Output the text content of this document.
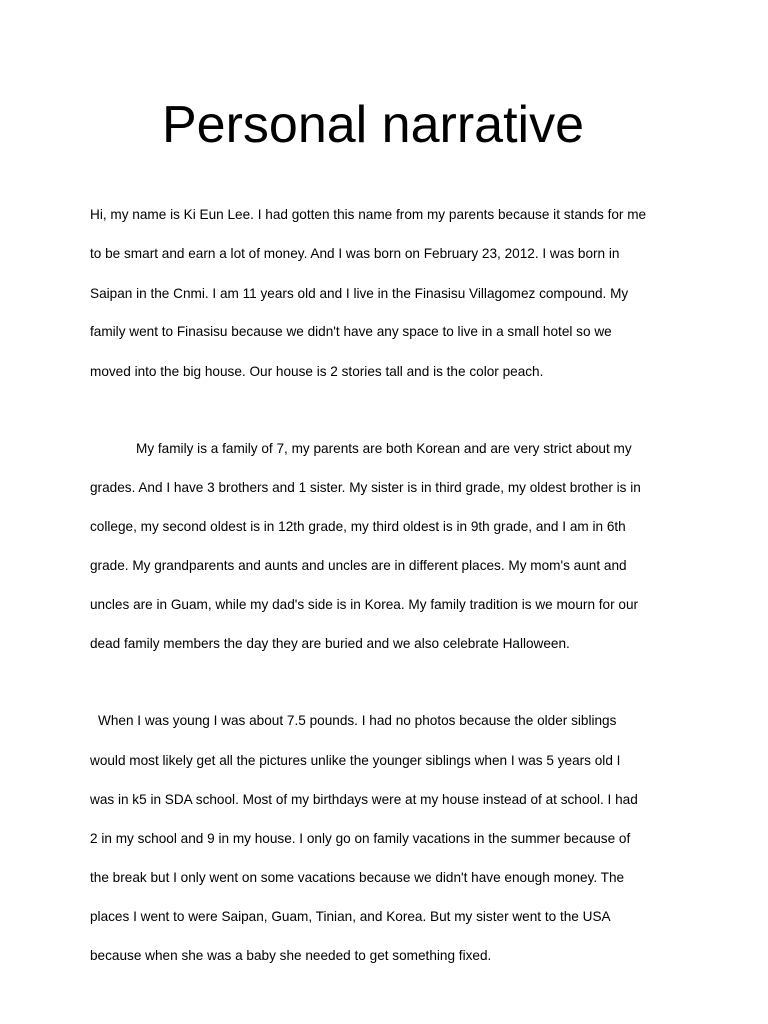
Personal narrative

Hi, my name is Ki Eun Lee. I had gotten this name from my parents because it stands for me

to be smart and earn a lot of money. And I was born on February 23, 2012. I was born in

Saipan in the Cnmi. I am 11 years old and I live in the Finasisu Villagomez compound. My

family went to Finasisu because we didn't have any space to live in a small hotel so we

moved into the big house. Our house is 2 stories tall and is the color peach.

My family is a family of 7, my parents are both Korean and are very strict about my

grades. And I have 3 brothers and 1 sister. My sister is in third grade, my oldest brother is in

college, my second oldest is in 12th grade, my third oldest is in 9th grade, and I am in 6th

grade. My grandparents and aunts and uncles are in different places. My mom's aunt and

uncles are in Guam, while my dad's side is in Korea. My family tradition is we mourn for our

dead family members the day they are buried and we also celebrate Halloween.

When I was young I was about 7.5 pounds. I had no photos because the older siblings

would most likely get all the pictures unlike the younger siblings when I was 5 years old I

was in k5 in SDA school. Most of my birthdays were at my house instead of at school. I had

2 in my school and 9 in my house. I only go on family vacations in the summer because of

the break but I only went on some vacations because we didn't have enough money. The

places I went to were Saipan, Guam, Tinian, and Korea. But my sister went to the USA

because when she was a baby she needed to get something fixed.
